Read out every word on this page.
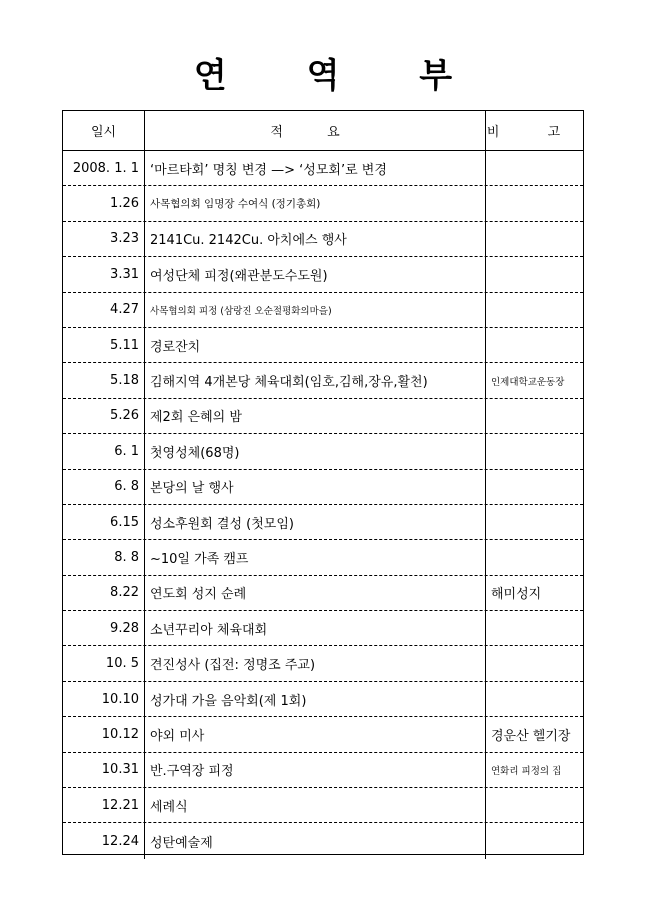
연 역 부
일시	적 요	비 고
2008. 1. 1 ‘마르타회’ 명칭 변경 —> ‘성모회’로 변경
1.26	사목협의회 임명장 수여식 (정기총회)
3.23 2141Cu. 2142Cu. 아치에스 행사
3.31 여성단체 피정(왜관분도수도원)
4.27	사목협의회 피정 (삼랑진 오순절평화의마을)
5.11 경로잔치
5.18 김해지역 4개본당 체육대회(임호,김해,장유,활천)	인제대학교운동장
5.26 제2회 은혜의 밤
6. 1 첫영성체(68명)
6. 8 본당의 날 행사
6.15 성소후원회 결성 (첫모임)
8. 8 ~10일 가족 캠프
8.22 연도회 성지 순례	해미성지
9.28 소년꾸리아 체육대회
10. 5 견진성사 (집전: 정명조 주교)
10.10 성가대 가을 음악회(제 1회)
10.12 야외 미사	경운산 헬기장
10.31 반.구역장 피정	연화리 피정의 집
12.21 세례식
12.24 성탄예술제
